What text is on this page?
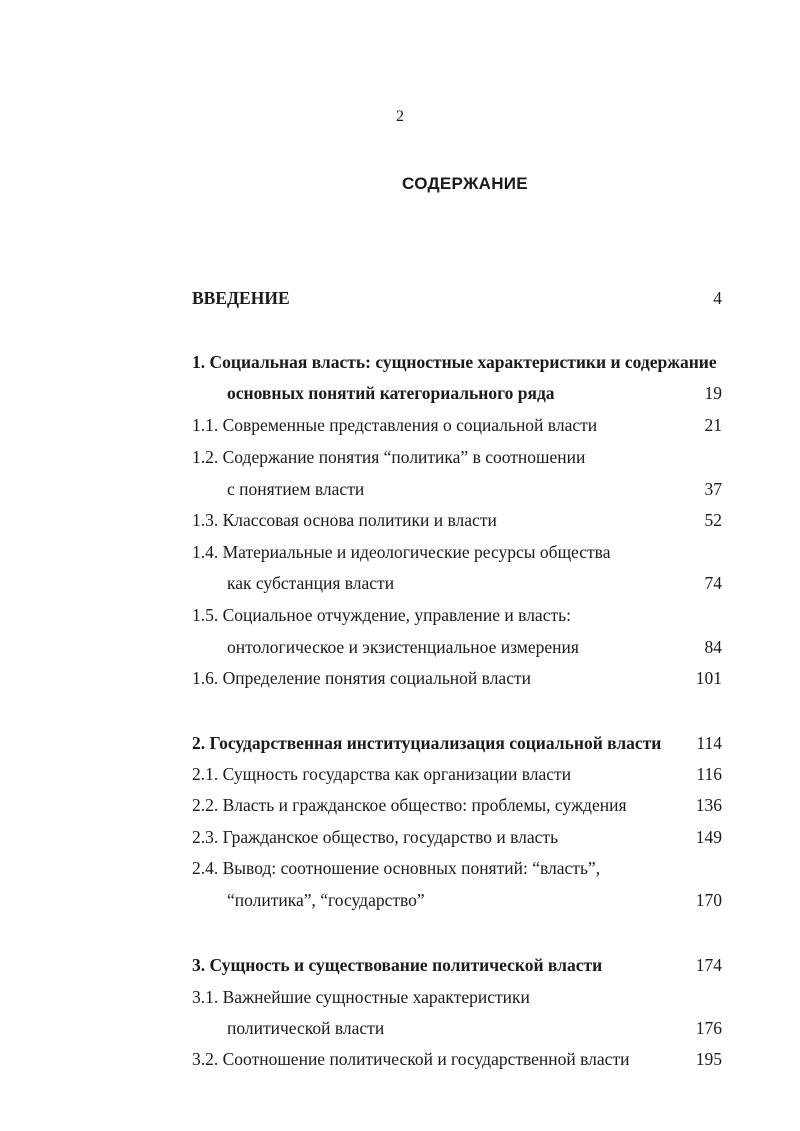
2
СОДЕРЖАНИЕ
ВВЕДЕНИЕ	4
1. Социальная власть: сущностные характеристики и содержание
основных понятий категориального ряда	19
1.1. Современные представления о социальной власти	21
1.2. Содержание понятия “политика” в соотношении
с понятием власти	37
1.3. Классовая основа политики и власти	52
1.4. Материальные и идеологические ресурсы общества
как субстанция власти	74
1.5. Социальное отчуждение, управление и власть:
онтологическое и экзистенциальное измерения	84
1.6. Определение понятия социальной власти	101
2. Государственная институциализация социальной власти 114
2.1. Сущность государства как организации власти	116
2.2. Власть и гражданское общество: проблемы, суждения	136
2.3. Гражданское общество, государство и власть	149
2.4. Вывод: соотношение основных понятий: “власть”,
“политика”, “государство”	170
3. Сущность и существование политической власти	174
3.1. Важнейшие сущностные характеристики
политической власти	176
3.2. Соотношение политической и государственной власти	195
